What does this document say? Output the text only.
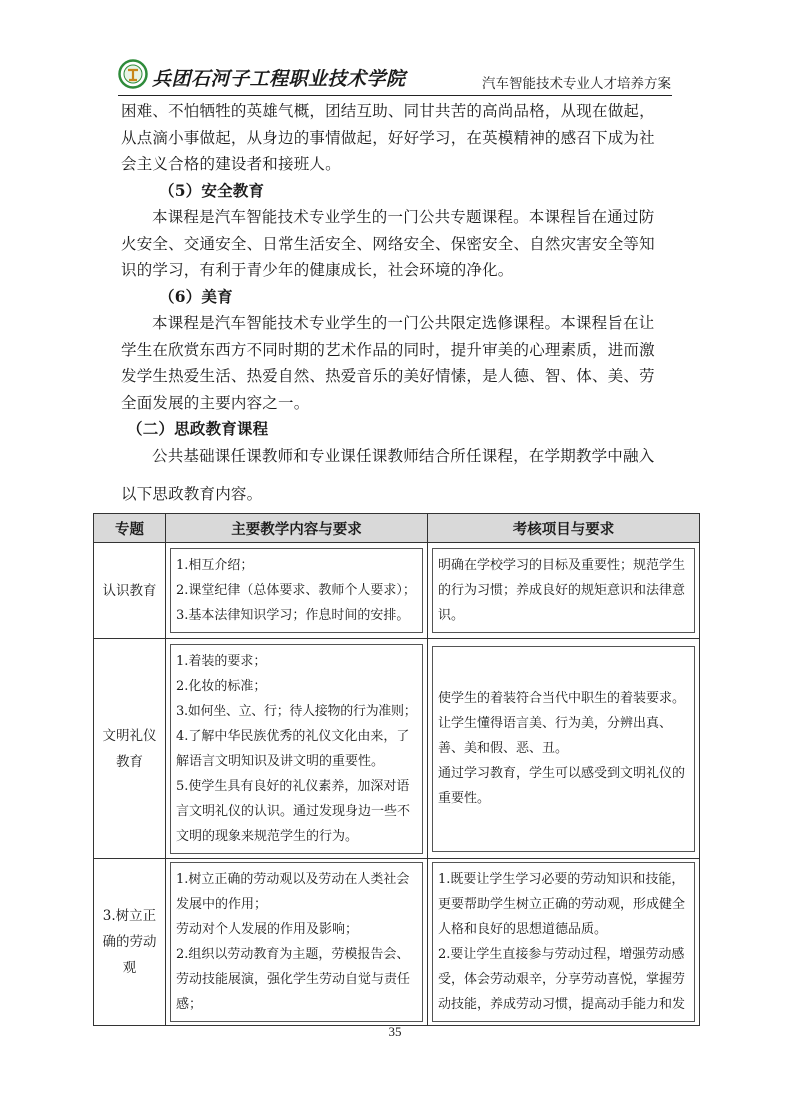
兵团石河子工程职业技术学院	汽车智能技术专业人才培养方案
困难、不怕牺牲的英雄气概，团结互助、同甘共苦的高尚品格，从现在做起，
从点滴小事做起，从身边的事情做起，好好学习，在英模精神的感召下成为社
会主义合格的建设者和接班人。
（5）安全教育
本课程是汽车智能技术专业学生的一门公共专题课程。本课程旨在通过防
火安全、交通安全、日常生活安全、网络安全、保密安全、自然灾害安全等知
识的学习，有利于青少年的健康成长，社会环境的净化。
（6）美育
本课程是汽车智能技术专业学生的一门公共限定选修课程。本课程旨在让
学生在欣赏东西方不同时期的艺术作品的同时，提升审美的心理素质，进而激
发学生热爱生活、热爱自然、热爱音乐的美好情愫，是人德、智、体、美、劳
全面发展的主要内容之一。
（二）思政教育课程
公共基础课任课教师和专业课任课教师结合所任课程，在学期教学中融入
以下思政教育内容。
专题	主要教学内容与要求	考核项目与要求
认识教育	1.相互介绍；
2.课堂纪律（总体要求、教师个人要求）；
3.基本法律知识学习；作息时间的安排。	明确在学校学习的目标及重要性；规范学生的行为习惯；养成良好的规矩意识和法律意识。

文明礼仪教育	1.着装的要求；
2.化妆的标准；
3.如何坐、立、行；待人接物的行为准则；
4.了解中华民族优秀的礼仪文化由来，了解语言文明知识及讲文明的重要性。
5.使学生具有良好的礼仪素养，加深对语言文明礼仪的认识。通过发现身边一些不文明的现象来规范学生的行为。	使学生的着装符合当代中职生的着装要求。
让学生懂得语言美、行为美，分辨出真、善、美和假、恶、丑。
通过学习教育，学生可以感受到文明礼仪的重要性。

3.树立正确的劳动观	1.树立正确的劳动观以及劳动在人类社会发展中的作用；
劳动对个人发展的作用及影响；
2.组织以劳动教育为主题，劳模报告会、劳动技能展演，强化学生劳动自觉与责任感；	1.既要让学生学习必要的劳动知识和技能，更要帮助学生树立正确的劳动观，形成健全人格和良好的思想道德品质。
2.要让学生直接参与劳动过程，增强劳动感受，体会劳动艰辛，分享劳动喜悦，掌握劳动技能，养成劳动习惯，提高动手能力和发
35
